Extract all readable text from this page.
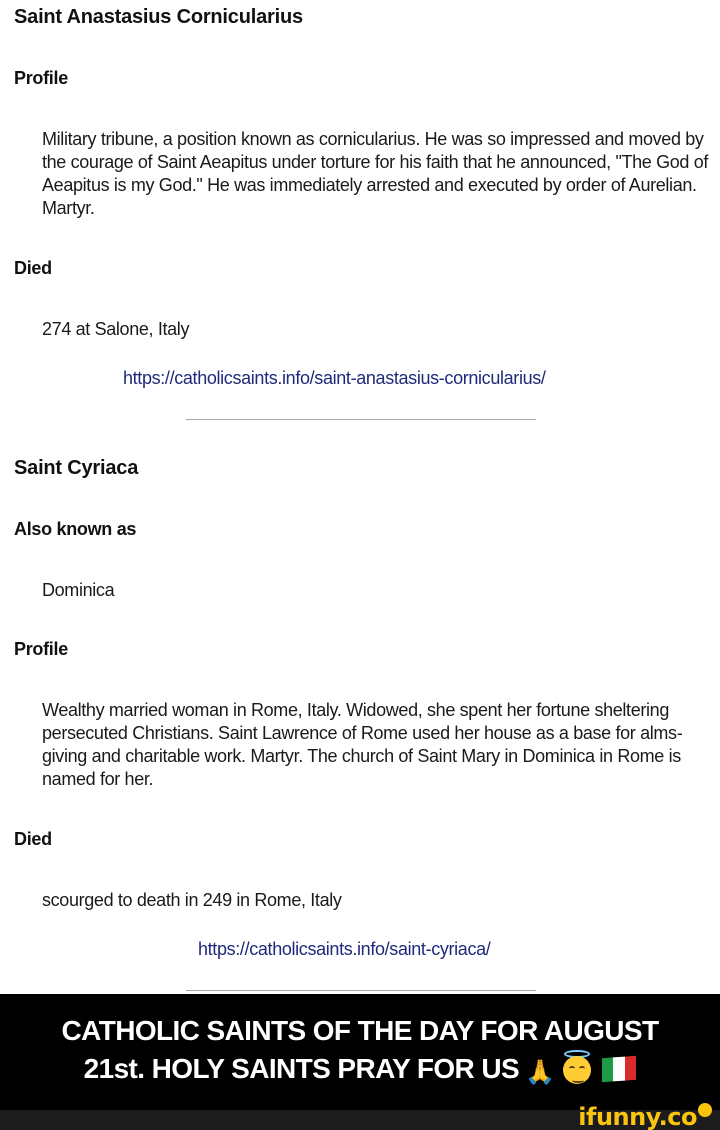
Saint Anastasius Cornicularius
Profile
Military tribune, a position known as cornicularius. He was so impressed and moved by the courage of Saint Aeapitus under torture for his faith that he announced, "The God of Aeapitus is my God." He was immediately arrested and executed by order of Aurelian. Martyr.
Died
274 at Salone, Italy
https://catholicsaints.info/saint-anastasius-cornicularius/
Saint Cyriaca
Also known as
Dominica
Profile
Wealthy married woman in Rome, Italy. Widowed, she spent her fortune sheltering persecuted Christians. Saint Lawrence of Rome used her house as a base for alms-giving and charitable work. Martyr. The church of Saint Mary in Dominica in Rome is named for her.
Died
scourged to death in 249 in Rome, Italy
https://catholicsaints.info/saint-cyriaca/
CATHOLIC SAINTS OF THE DAY FOR AUGUST
21st. HOLY SAINTS PRAY FOR US 🙏
ifunny.co
